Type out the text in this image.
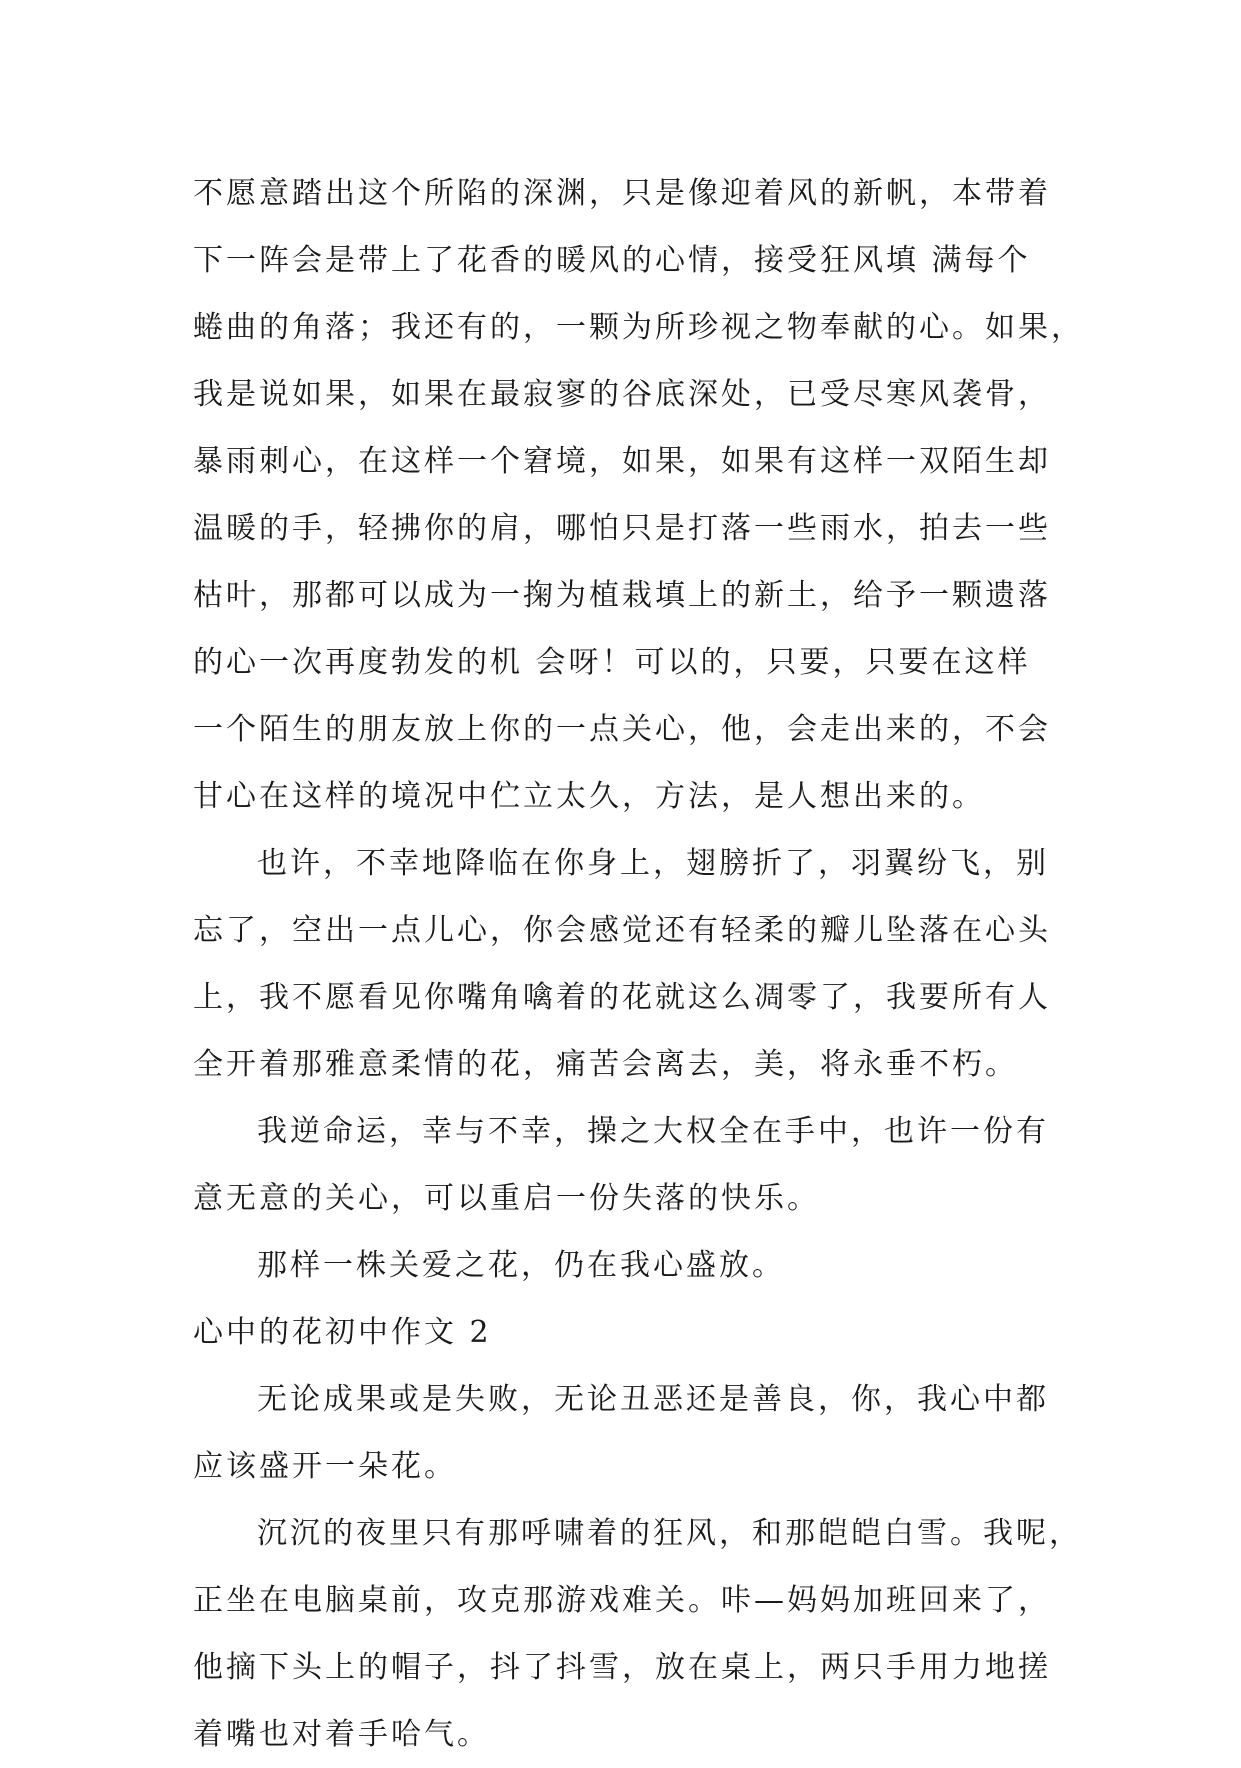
不愿意踏出这个所陷的深渊，只是像迎着风的新帆，本带着
下一阵会是带上了花香的暖风的心情，接受狂风填 满每个
蜷曲的角落；我还有的，一颗为所珍视之物奉献的心。如果，
我是说如果，如果在最寂寥的谷底深处，已受尽寒风袭骨，
暴雨刺心，在这样一个窘境，如果，如果有这样一双陌生却
温暖的手，轻拂你的肩，哪怕只是打落一些雨水，拍去一些
枯叶，那都可以成为一掬为植栽填上的新土，给予一颗遗落
的心一次再度勃发的机 会呀！可以的，只要，只要在这样
一个陌生的朋友放上你的一点关心，他，会走出来的，不会
甘心在这样的境况中伫立太久，方法，是人想出来的。
也许，不幸地降临在你身上，翅膀折了，羽翼纷飞，别
忘了，空出一点儿心，你会感觉还有轻柔的瓣儿坠落在心头
上，我不愿看见你嘴角噙着的花就这么凋零了，我要所有人
全开着那雅意柔情的花，痛苦会离去，美，将永垂不朽。
我逆命运，幸与不幸，操之大权全在手中，也许一份有
意无意的关心，可以重启一份失落的快乐。
那样一株关爱之花，仍在我心盛放。
心中的花初中作文 2
无论成果或是失败，无论丑恶还是善良，你，我心中都
应该盛开一朵花。
沉沉的夜里只有那呼啸着的狂风，和那皑皑白雪。我呢，
正坐在电脑桌前，攻克那游戏难关。咔—妈妈加班回来了，
他摘下头上的帽子，抖了抖雪，放在桌上，两只手用力地搓
着嘴也对着手哈气。
